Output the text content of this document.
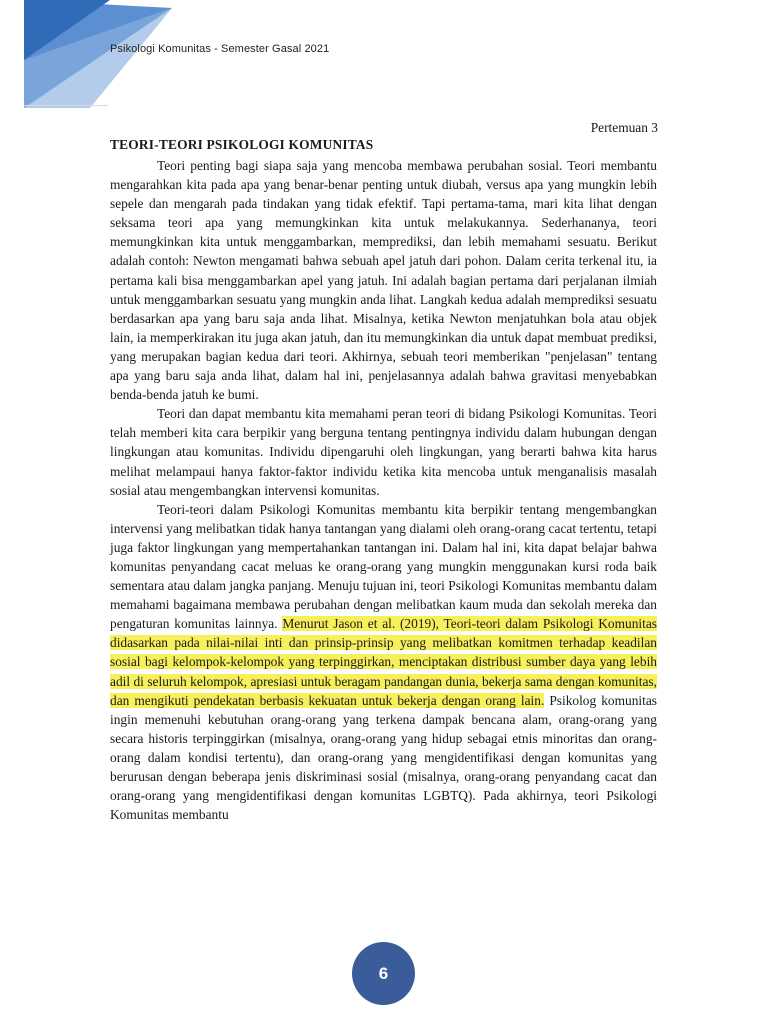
Psikologi Komunitas - Semester Gasal 2021
Pertemuan 3
TEORI-TEORI PSIKOLOGI KOMUNITAS

Teori penting bagi siapa saja yang mencoba membawa perubahan sosial. Teori membantu mengarahkan kita pada apa yang benar-benar penting untuk diubah, versus apa yang mungkin lebih sepele dan mengarah pada tindakan yang tidak efektif. Tapi pertama-tama, mari kita lihat dengan seksama teori apa yang memungkinkan kita untuk melakukannya. Sederhananya, teori memungkinkan kita untuk menggambarkan, memprediksi, dan lebih memahami sesuatu. Berikut adalah contoh: Newton mengamati bahwa sebuah apel jatuh dari pohon. Dalam cerita terkenal itu, ia pertama kali bisa menggambarkan apel yang jatuh. Ini adalah bagian pertama dari perjalanan ilmiah untuk menggambarkan sesuatu yang mungkin anda lihat. Langkah kedua adalah memprediksi sesuatu berdasarkan apa yang baru saja anda lihat. Misalnya, ketika Newton menjatuhkan bola atau objek lain, ia memperkirakan itu juga akan jatuh, dan itu memungkinkan dia untuk dapat membuat prediksi, yang merupakan bagian kedua dari teori. Akhirnya, sebuah teori memberikan "penjelasan" tentang apa yang baru saja anda lihat, dalam hal ini, penjelasannya adalah bahwa gravitasi menyebabkan benda-benda jatuh ke bumi.

Teori dan dapat membantu kita memahami peran teori di bidang Psikologi Komunitas. Teori telah memberi kita cara berpikir yang berguna tentang pentingnya individu dalam hubungan dengan lingkungan atau komunitas. Individu dipengaruhi oleh lingkungan, yang berarti bahwa kita harus melihat melampaui hanya faktor-faktor individu ketika kita mencoba untuk menganalisis masalah sosial atau mengembangkan intervensi komunitas.

Teori-teori dalam Psikologi Komunitas membantu kita berpikir tentang mengembangkan intervensi yang melibatkan tidak hanya tantangan yang dialami oleh orang-orang cacat tertentu, tetapi juga faktor lingkungan yang mempertahankan tantangan ini. Dalam hal ini, kita dapat belajar bahwa komunitas penyandang cacat meluas ke orang-orang yang mungkin menggunakan kursi roda baik sementara atau dalam jangka panjang. Menuju tujuan ini, teori Psikologi Komunitas membantu dalam memahami bagaimana membawa perubahan dengan melibatkan kaum muda dan sekolah mereka dan pengaturan komunitas lainnya. Menurut Jason et al. (2019), Teori-teori dalam Psikologi Komunitas didasarkan pada nilai-nilai inti dan prinsip-prinsip yang melibatkan komitmen terhadap keadilan sosial bagi kelompok-kelompok yang terpinggirkan, menciptakan distribusi sumber daya yang lebih adil di seluruh kelompok, apresiasi untuk beragam pandangan dunia, bekerja sama dengan komunitas, dan mengikuti pendekatan berbasis kekuatan untuk bekerja dengan orang lain. Psikolog komunitas ingin memenuhi kebutuhan orang-orang yang terkena dampak bencana alam, orang-orang yang secara historis terpinggirkan (misalnya, orang-orang yang hidup sebagai etnis minoritas dan orang-orang dalam kondisi tertentu), dan orang-orang yang mengidentifikasi dengan komunitas yang berurusan dengan beberapa jenis diskriminasi sosial (misalnya, orang-orang penyandang cacat dan orang-orang yang mengidentifikasi dengan komunitas LGBTQ). Pada akhirnya, teori Psikologi Komunitas membantu

6
